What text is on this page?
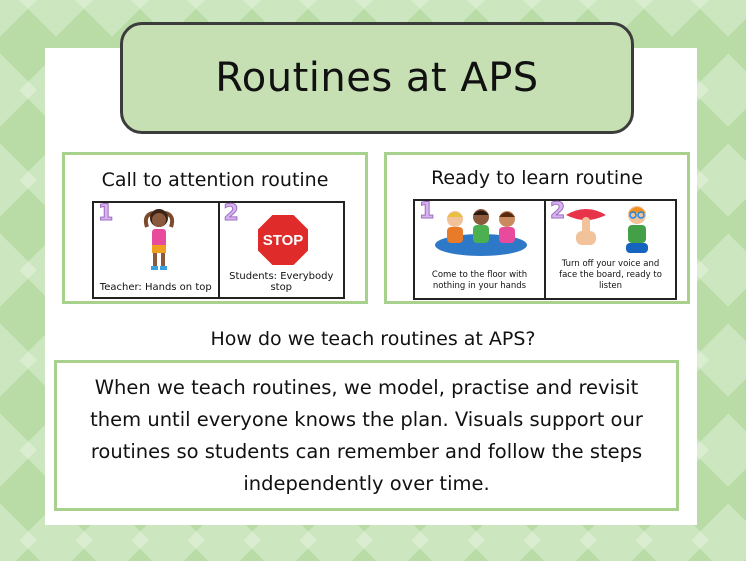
Routines at APS
Call to attention routine
1
Teacher: Hands on top
2
STOP
Students: Everybody stop
Ready to learn routine
1
Come to the floor with nothing in your hands
2
Turn off your voice and face the board, ready to listen
How do we teach routines at APS?
When we teach routines, we model, practise and revisit them until everyone knows the plan. Visuals support our routines so students can remember and follow the steps independently over time.
